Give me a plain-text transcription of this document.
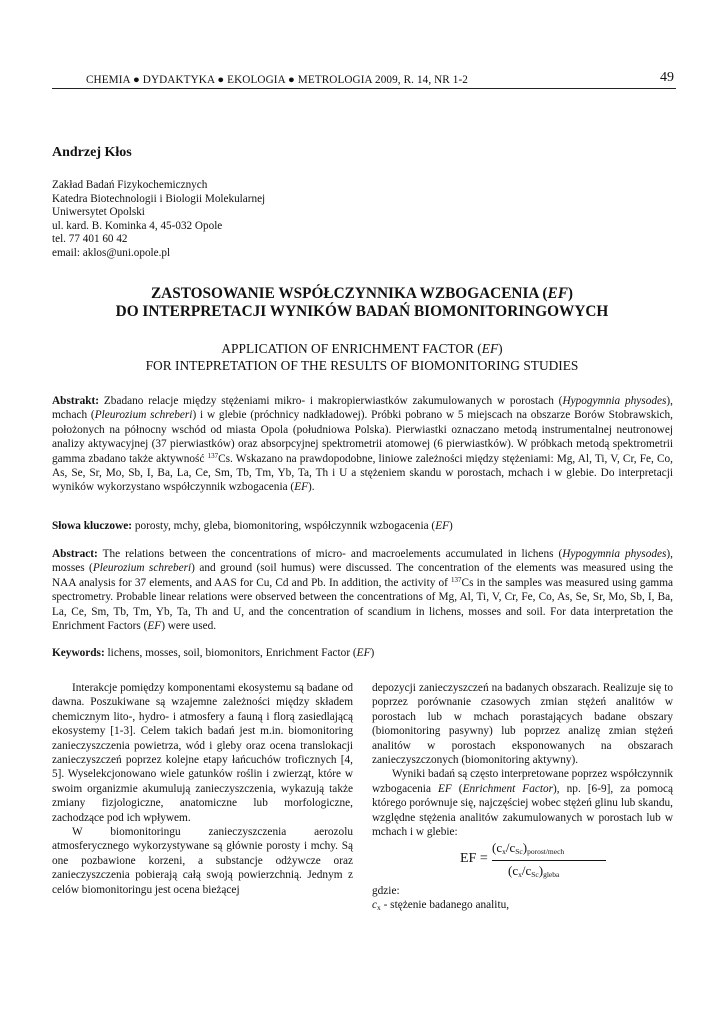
CHEMIA ● DYDAKTYKA ● EKOLOGIA ● METROLOGIA 2009, R. 14, NR 1-2	49
Andrzej Kłos
Zakład Badań Fizykochemicznych
Katedra Biotechnologii i Biologii Molekularnej
Uniwersytet Opolski
ul. kard. B. Kominka 4, 45-032 Opole
tel. 77 401 60 42
email: aklos@uni.opole.pl
ZASTOSOWANIE WSPÓŁCZYNNIKA WZBOGACENIA (EF)
DO INTERPRETACJI WYNIKÓW BADAŃ BIOMONITORINGOWYCH
APPLICATION OF ENRICHMENT FACTOR (EF)
FOR INTEPRETATION OF THE RESULTS OF BIOMONITORING STUDIES
Abstrakt: Zbadano relacje między stężeniami mikro- i makropierwiastków zakumulowanych w porostach (Hypogymnia physodes), mchach (Pleurozium schreberi) i w glebie (próchnicy nadkładowej). Próbki pobrano w 5 miejscach na obszarze Borów Stobrawskich, położonych na północny wschód od miasta Opola (południowa Polska). Pierwiastki oznaczano metodą instrumentalnej neutronowej analizy aktywacyjnej (37 pierwiastków) oraz absorpcyjnej spektrometrii atomowej (6 pierwiastków). W próbkach metodą spektrometrii gamma zbadano także aktywność $^{137}$Cs. Wskazano na prawdopodobne, liniowe zależności między stężeniami: Mg, Al, Ti, V, Cr, Fe, Co, As, Se, Sr, Mo, Sb, I, Ba, La, Ce, Sm, Tb, Tm, Yb, Ta, Th i U a stężeniem skandu w porostach, mchach i w glebie. Do interpretacji wyników wykorzystano współczynnik wzbogacenia (EF).
Słowa kluczowe: porosty, mchy, gleba, biomonitoring, współczynnik wzbogacenia (EF)
Abstract: The relations between the concentrations of micro- and macroelements accumulated in lichens (Hypogymnia physodes), mosses (Pleurozium schreberi) and ground (soil humus) were discussed. The concentration of the elements was measured using the NAA analysis for 37 elements, and AAS for Cu, Cd and Pb. In addition, the activity of $^{137}$Cs in the samples was measured using gamma spectrometry. Probable linear relations were observed between the concentrations of Mg, Al, Ti, V, Cr, Fe, Co, As, Se, Sr, Mo, Sb, I, Ba, La, Ce, Sm, Tb, Tm, Yb, Ta, Th and U, and the concentration of scandium in lichens, mosses and soil. For data interpretation the Enrichment Factors (EF) were used.
Keywords: lichens, mosses, soil, biomonitors, Enrichment Factor (EF)

Interakcje pomiędzy komponentami ekosystemu są badane od dawna. Poszukiwane są wzajemne zależności między składem chemicznym lito-, hydro- i atmosfery a fauną i florą zasiedlającą ekosystemy [1-3]. Celem takich badań jest m.in. biomonitoring zanieczyszczenia powietrza, wód i gleby oraz ocena translokacji zanieczyszczeń poprzez kolejne etapy łańcuchów troficznych [4, 5]. Wyselekcjonowano wiele gatunków roślin i zwierząt, które w swoim organizmie akumulują zanieczyszczenia, wykazują także zmiany fizjologiczne, anatomiczne lub morfologiczne, zachodzące pod ich wpływem.

W biomonitoringu zanieczyszczenia aerozolu atmosferycznego wykorzystywane są głównie porosty i mchy. Są one pozbawione korzeni, a substancje odżywcze oraz zanieczyszczenia pobierają całą swoją powierzchnią. Jednym z celów biomonitoringu jest ocena bieżącej

depozycji zanieczyszczeń na badanych obszarach. Realizuje się to poprzez porównanie czasowych zmian stężeń analitów w porostach lub w mchach porastających badane obszary (biomonitoring pasywny) lub poprzez analizę zmian stężeń analitów w porostach eksponowanych na obszarach zanieczyszczonych (biomonitoring aktywny).

Wyniki badań są często interpretowane poprzez współczynnik wzbogacenia EF (Enrichment Factor), np. [6-9], za pomocą którego porównuje się, najczęściej wobec stężeń glinu lub skandu, względne stężenia analitów zakumulowanych w porostach lub w mchach i w glebie:

EF =
$(c_x/c_{Sc})_{porost/mech}$
$(c_x/c_{Sc})_{gleba}$
gdzie:
$c_x$ - stężenie badanego analitu,
